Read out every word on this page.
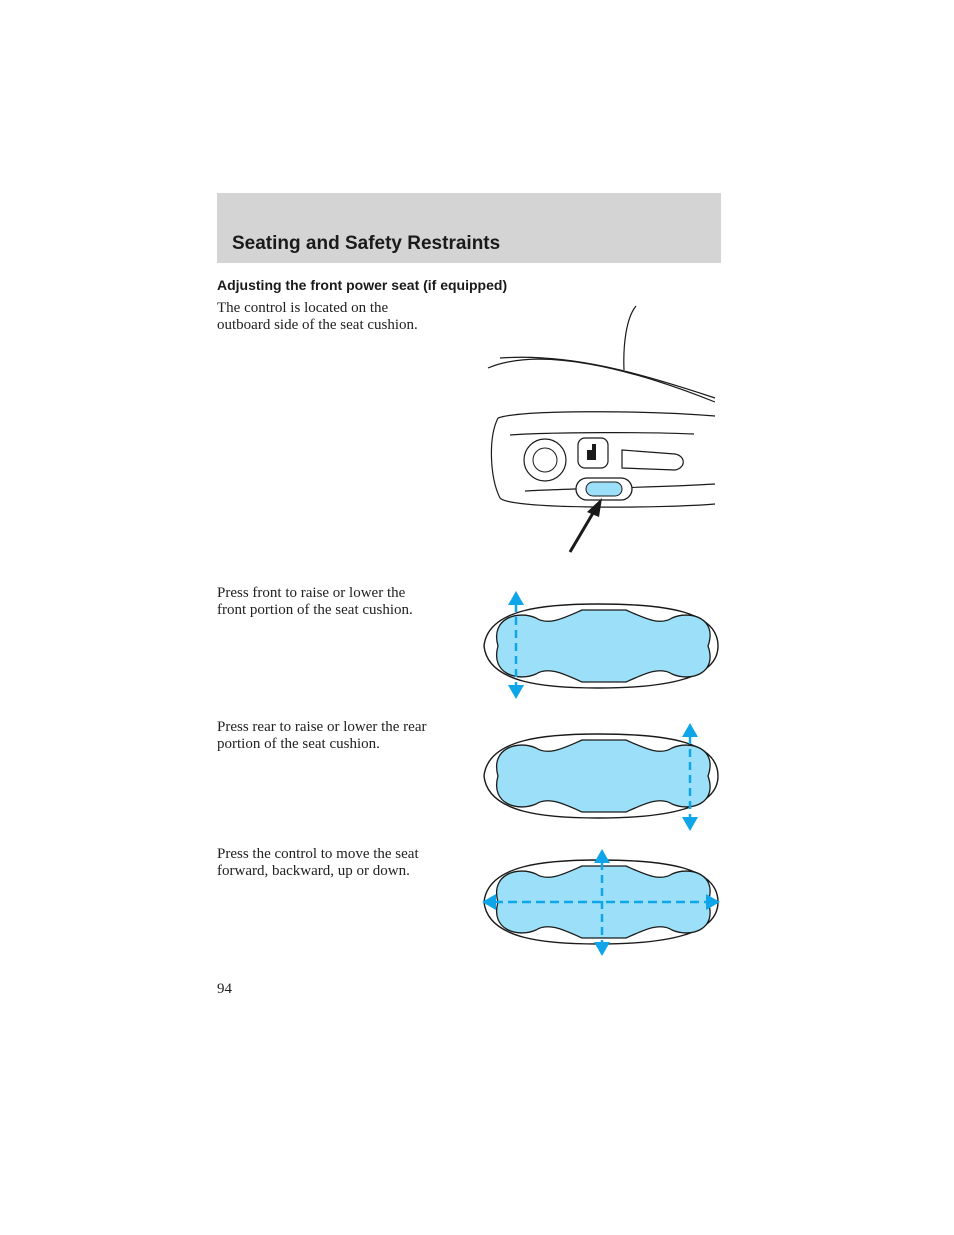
Seating and Safety Restraints
Adjusting the front power seat (if equipped)

The control is located on the
outboard side of the seat cushion.

Press front to raise or lower the
front portion of the seat cushion.

Press rear to raise or lower the rear
portion of the seat cushion.

Press the control to move the seat
forward, backward, up or down.

94
